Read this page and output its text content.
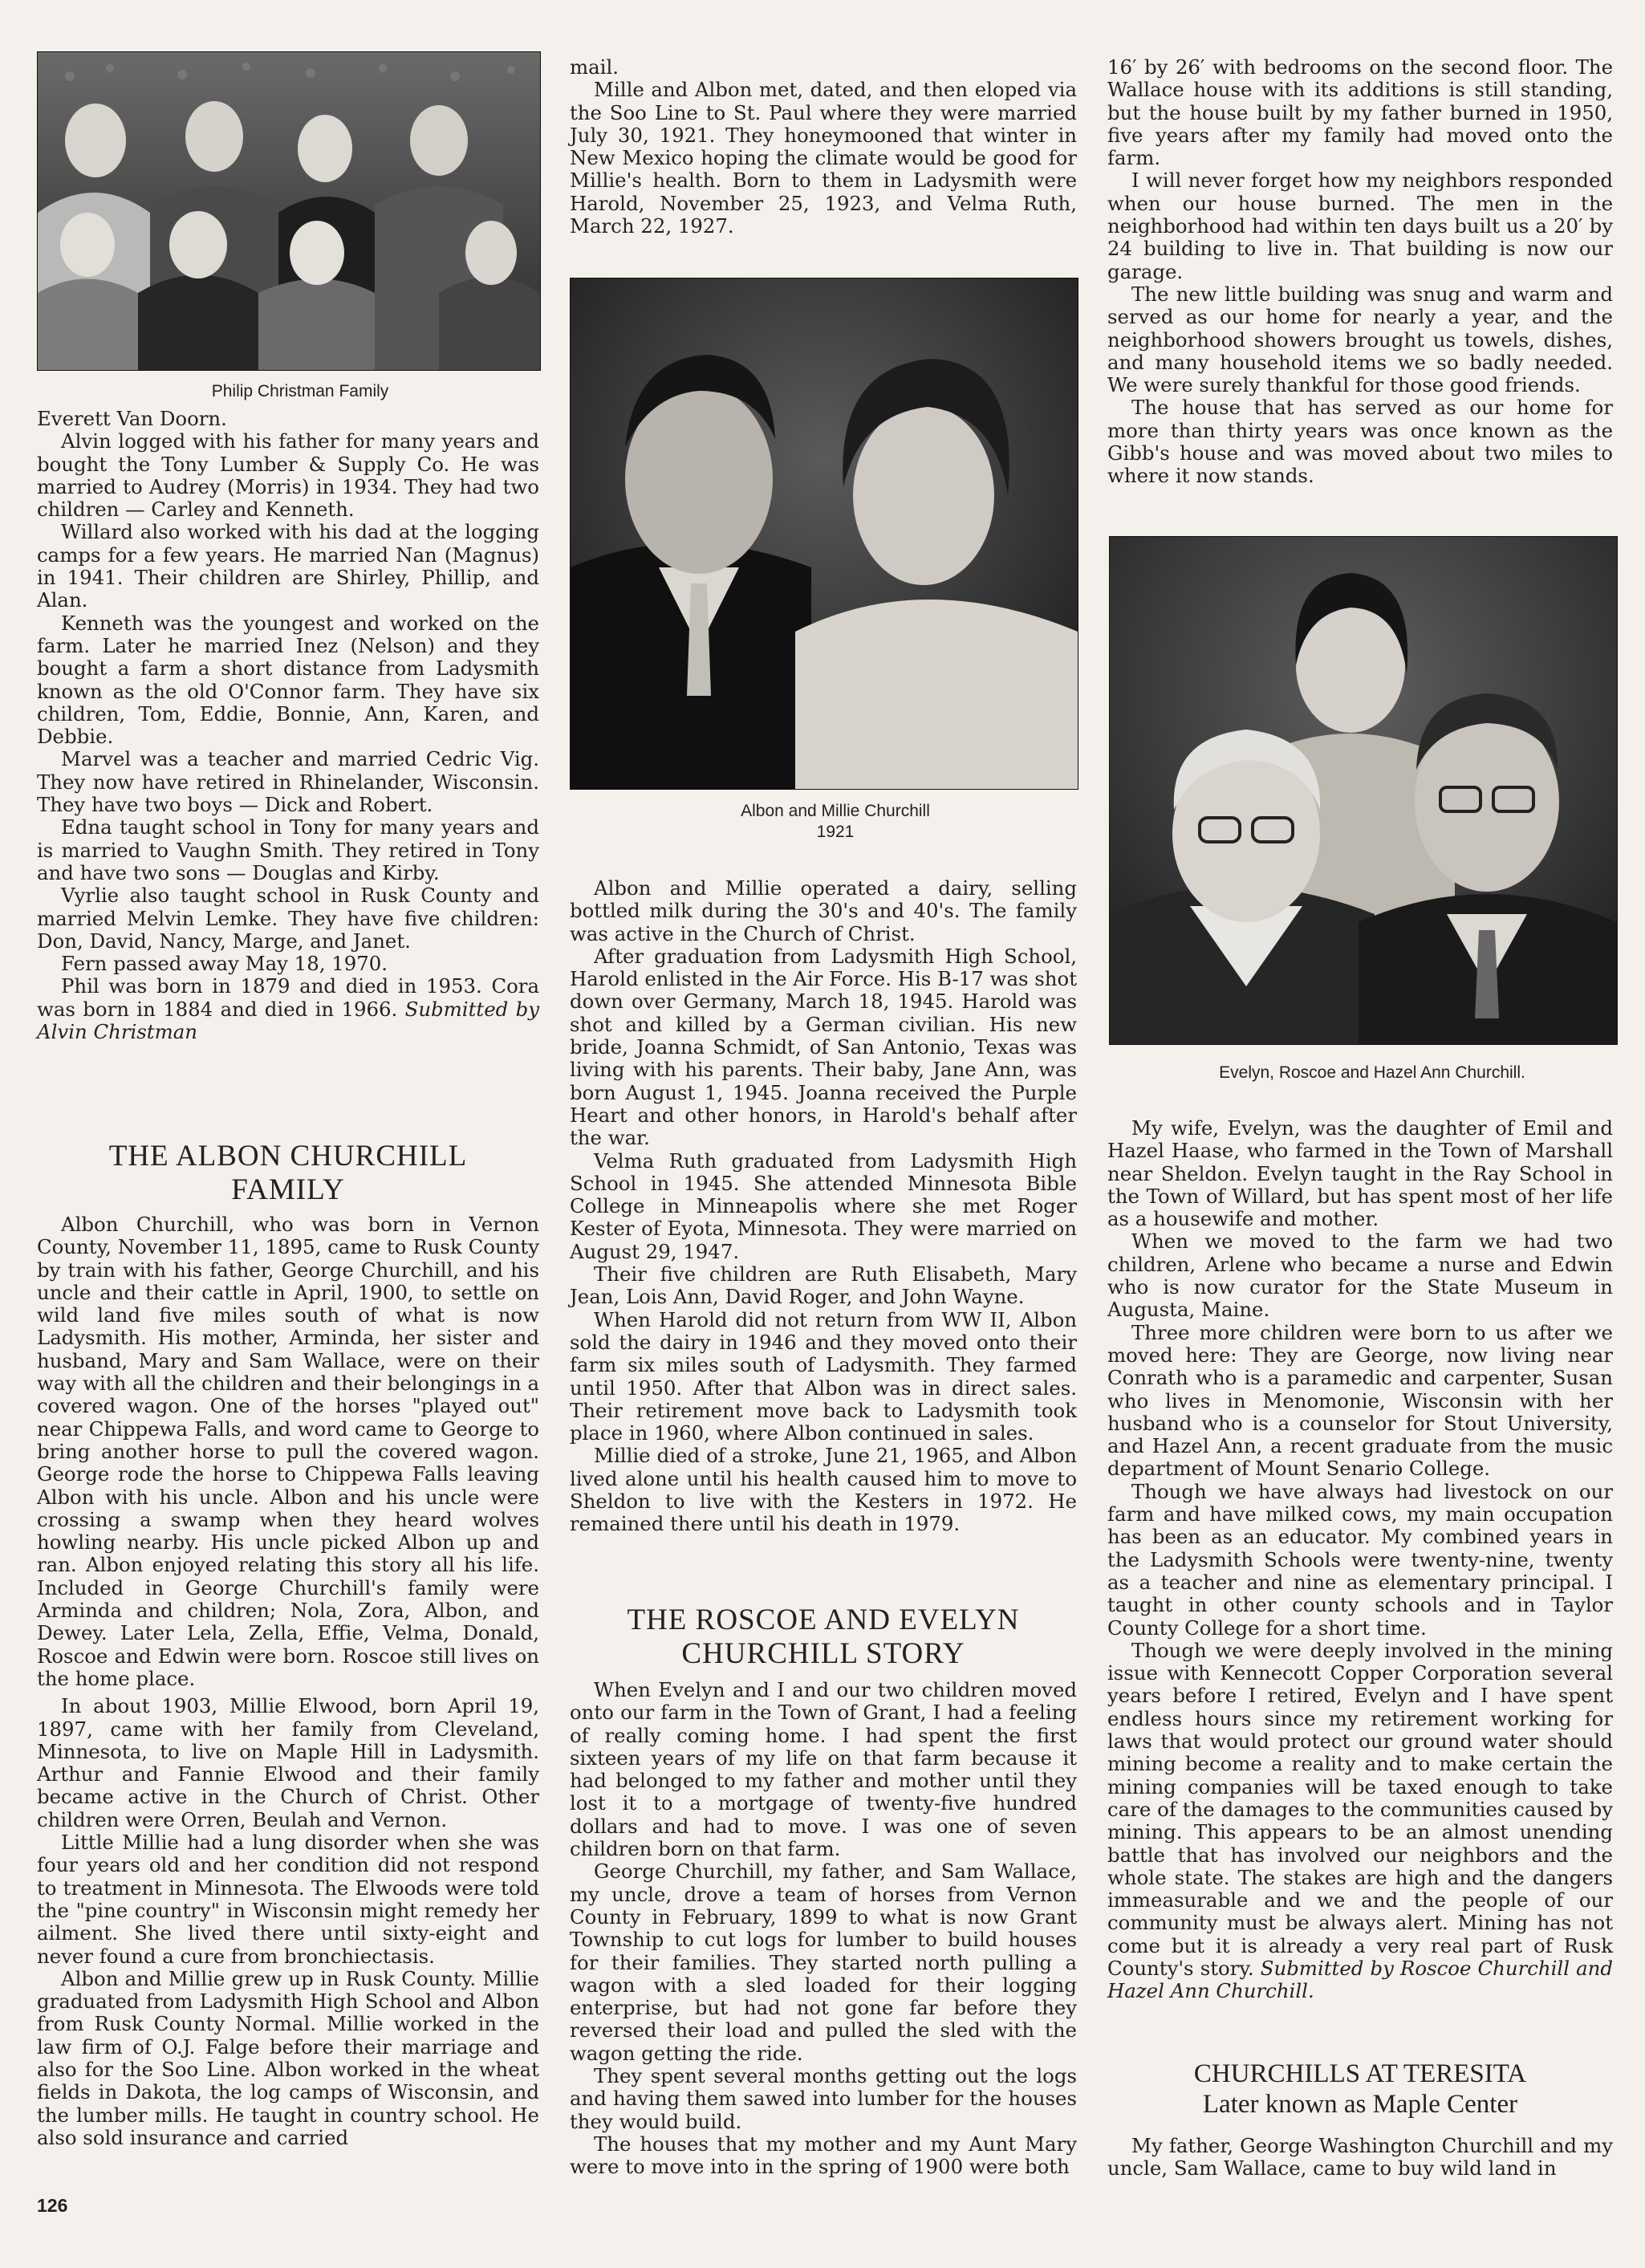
Philip Christman Family

Everett Van Doorn.

Alvin logged with his father for many years and bought the Tony Lumber & Supply Co. He was married to Audrey (Morris) in 1934. They had two children — Carley and Kenneth.

Willard also worked with his dad at the logging camps for a few years. He married Nan (Magnus) in 1941. Their children are Shirley, Phillip, and Alan.

Kenneth was the youngest and worked on the farm. Later he married Inez (Nelson) and they bought a farm a short distance from Ladysmith known as the old O'Connor farm. They have six children, Tom, Eddie, Bonnie, Ann, Karen, and Debbie.

Marvel was a teacher and married Cedric Vig. They now have retired in Rhinelander, Wisconsin. They have two boys — Dick and Robert.

Edna taught school in Tony for many years and is married to Vaughn Smith. They retired in Tony and have two sons — Douglas and Kirby.

Vyrlie also taught school in Rusk County and married Melvin Lemke. They have five children: Don, David, Nancy, Marge, and Janet.

Fern passed away May 18, 1970.

Phil was born in 1879 and died in 1953. Cora was born in 1884 and died in 1966. Submitted by Alvin Christman

THE ALBON CHURCHILL
FAMILY

Albon Churchill, who was born in Vernon County, November 11, 1895, came to Rusk County by train with his father, George Churchill, and his uncle and their cattle in April, 1900, to settle on wild land five miles south of what is now Ladysmith. His mother, Arminda, her sister and husband, Mary and Sam Wallace, were on their way with all the children and their belongings in a covered wagon. One of the horses "played out" near Chippewa Falls, and word came to George to bring another horse to pull the covered wagon. George rode the horse to Chippewa Falls leaving Albon with his uncle. Albon and his uncle were crossing a swamp when they heard wolves howling nearby. His uncle picked Albon up and ran. Albon enjoyed relating this story all his life. Included in George Churchill's family were Arminda and children; Nola, Zora, Albon, and Dewey. Later Lela, Zella, Effie, Velma, Donald, Roscoe and Edwin were born. Roscoe still lives on the home place.

In about 1903, Millie Elwood, born April 19, 1897, came with her family from Cleveland, Minnesota, to live on Maple Hill in Ladysmith. Arthur and Fannie Elwood and their family became active in the Church of Christ. Other children were Orren, Beulah and Vernon.

Little Millie had a lung disorder when she was four years old and her condition did not respond to treatment in Minnesota. The Elwoods were told the "pine country" in Wisconsin might remedy her ailment. She lived there until sixty-eight and never found a cure from bronchiectasis.

Albon and Millie grew up in Rusk County. Millie graduated from Ladysmith High School and Albon from Rusk County Normal. Millie worked in the law firm of O.J. Falge before their marriage and also for the Soo Line. Albon worked in the wheat fields in Dakota, the log camps of Wisconsin, and the lumber mills. He taught in country school. He also sold insurance and carried

126

mail.

Mille and Albon met, dated, and then eloped via the Soo Line to St. Paul where they were married July 30, 1921. They honeymooned that winter in New Mexico hoping the climate would be good for Millie's health. Born to them in Ladysmith were Harold, November 25, 1923, and Velma Ruth, March 22, 1927.

Albon and Millie Churchill

1921

Albon and Millie operated a dairy, selling bottled milk during the 30's and 40's. The family was active in the Church of Christ.

After graduation from Ladysmith High School, Harold enlisted in the Air Force. His B-17 was shot down over Germany, March 18, 1945. Harold was shot and killed by a German civilian. His new bride, Joanna Schmidt, of San Antonio, Texas was living with his parents. Their baby, Jane Ann, was born August 1, 1945. Joanna received the Purple Heart and other honors, in Harold's behalf after the war.

Velma Ruth graduated from Ladysmith High School in 1945. She attended Minnesota Bible College in Minneapolis where she met Roger Kester of Eyota, Minnesota. They were married on August 29, 1947.

Their five children are Ruth Elisabeth, Mary Jean, Lois Ann, David Roger, and John Wayne.

When Harold did not return from WW II, Albon sold the dairy in 1946 and they moved onto their farm six miles south of Ladysmith. They farmed until 1950. After that Albon was in direct sales. Their retirement move back to Ladysmith took place in 1960, where Albon continued in sales.

Millie died of a stroke, June 21, 1965, and Albon lived alone until his health caused him to move to Sheldon to live with the Kesters in 1972. He remained there until his death in 1979.

THE ROSCOE AND EVELYN
CHURCHILL STORY

When Evelyn and I and our two children moved onto our farm in the Town of Grant, I had a feeling of really coming home. I had spent the first sixteen years of my life on that farm because it had belonged to my father and mother until they lost it to a mortgage of twenty-five hundred dollars and had to move. I was one of seven children born on that farm.

George Churchill, my father, and Sam Wallace, my uncle, drove a team of horses from Vernon County in February, 1899 to what is now Grant Township to cut logs for lumber to build houses for their families. They started north pulling a wagon with a sled loaded for their logging enterprise, but had not gone far before they reversed their load and pulled the sled with the wagon getting the ride.

They spent several months getting out the logs and having them sawed into lumber for the houses they would build.

The houses that my mother and my Aunt Mary were to move into in the spring of 1900 were both

16′ by 26′ with bedrooms on the second floor. The Wallace house with its additions is still standing, but the house built by my father burned in 1950, five years after my family had moved onto the farm.

I will never forget how my neighbors responded when our house burned. The men in the neighborhood had within ten days built us a 20′ by 24 building to live in. That building is now our garage.

The new little building was snug and warm and served as our home for nearly a year, and the neighborhood showers brought us towels, dishes, and many household items we so badly needed. We were surely thankful for those good friends.

The house that has served as our home for more than thirty years was once known as the Gibb's house and was moved about two miles to where it now stands.

Evelyn, Roscoe and Hazel Ann Churchill.

My wife, Evelyn, was the daughter of Emil and Hazel Haase, who farmed in the Town of Marshall near Sheldon. Evelyn taught in the Ray School in the Town of Willard, but has spent most of her life as a housewife and mother.

When we moved to the farm we had two children, Arlene who became a nurse and Edwin who is now curator for the State Museum in Augusta, Maine.

Three more children were born to us after we moved here: They are George, now living near Conrath who is a paramedic and carpenter, Susan who lives in Menomonie, Wisconsin with her husband who is a counselor for Stout University, and Hazel Ann, a recent graduate from the music department of Mount Senario College.

Though we have always had livestock on our farm and have milked cows, my main occupation has been as an educator. My combined years in the Ladysmith Schools were twenty-nine, twenty as a teacher and nine as elementary principal. I taught in other county schools and in Taylor County College for a short time.

Though we were deeply involved in the mining issue with Kennecott Copper Corporation several years before I retired, Evelyn and I have spent endless hours since my retirement working for laws that would protect our ground water should mining become a reality and to make certain the mining companies will be taxed enough to take care of the damages to the communities caused by mining. This appears to be an almost unending battle that has involved our neighbors and the whole state. The stakes are high and the dangers immeasurable and we and the people of our community must be always alert. Mining has not come but it is already a very real part of Rusk County's story. Submitted by Roscoe Churchill and Hazel Ann Churchill.

CHURCHILLS AT TERESITA
Later known as Maple Center

My father, George Washington Churchill and my uncle, Sam Wallace, came to buy wild land in
